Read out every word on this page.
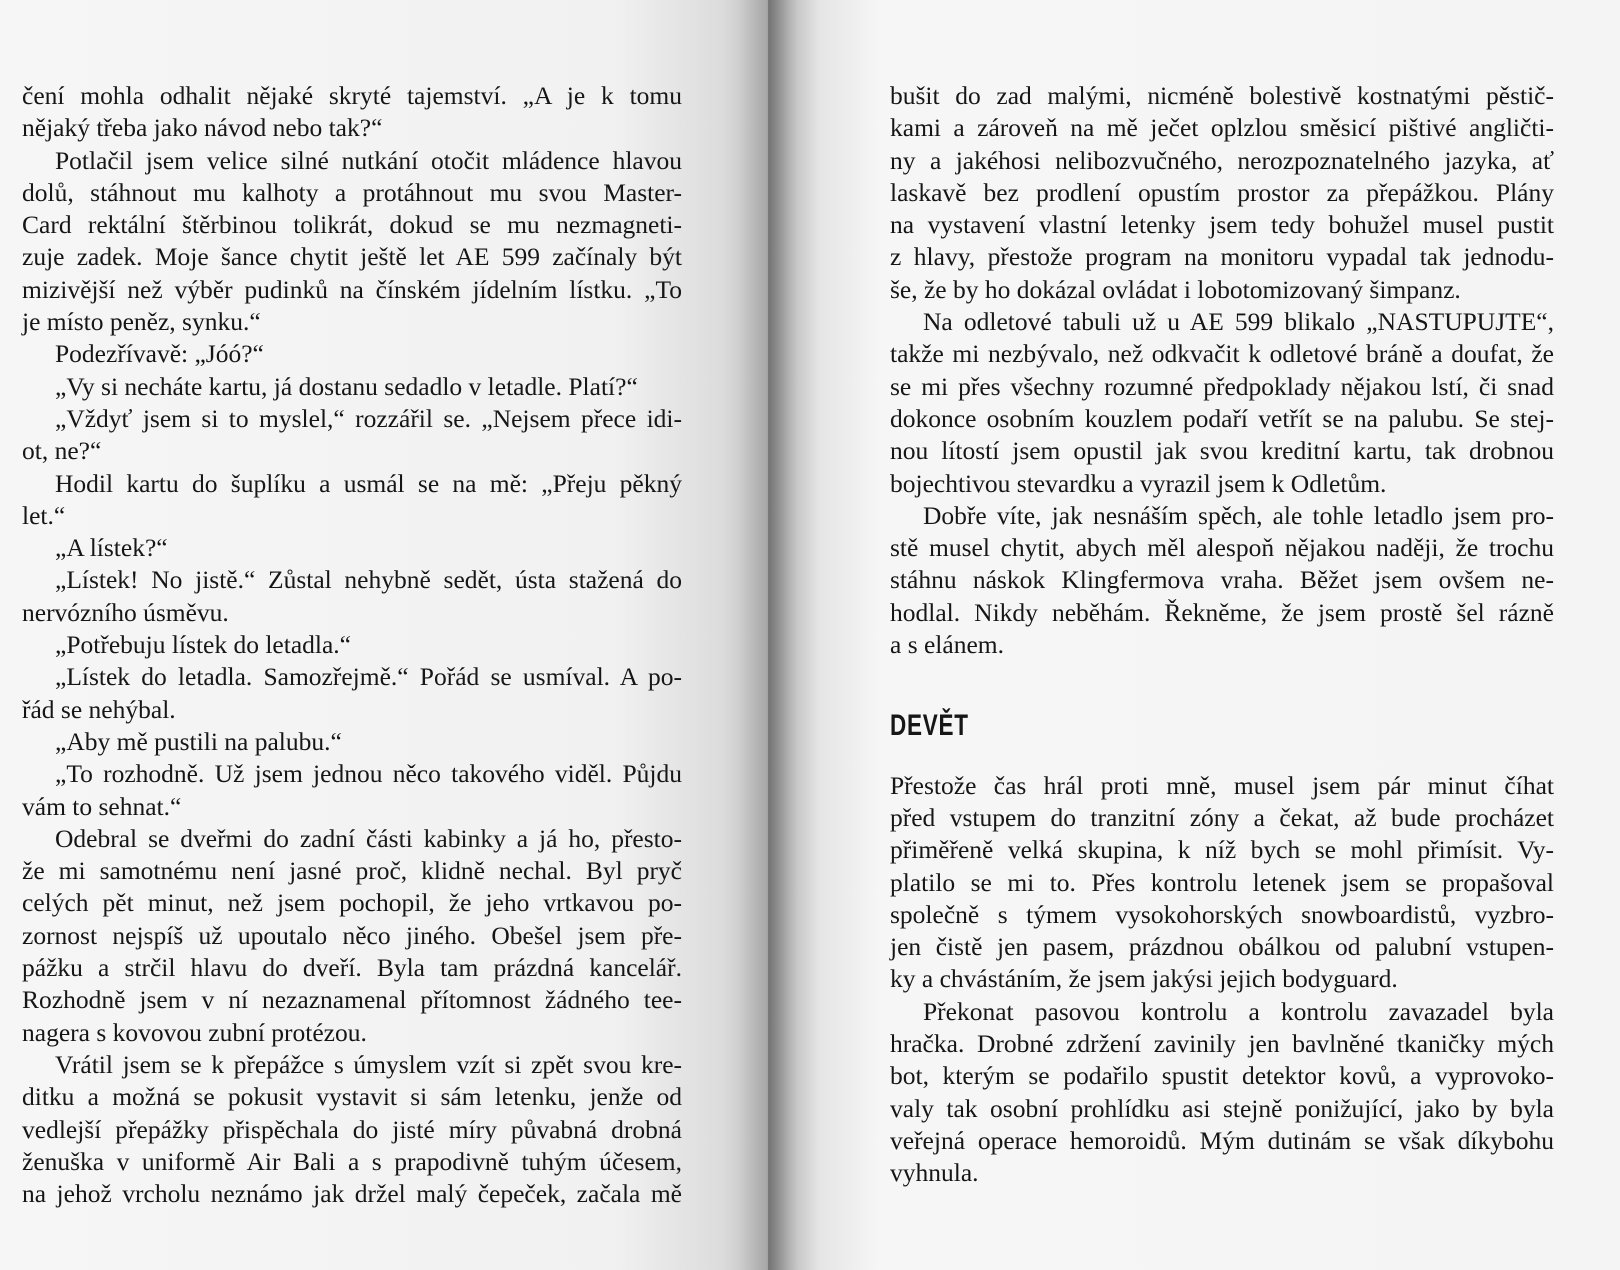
čení mohla odhalit nějaké skryté tajemství. „A je k tomu
nějaký třeba jako návod nebo tak?“
Potlačil jsem velice silné nutkání otočit mládence hlavou
dolů, stáhnout mu kalhoty a protáhnout mu svou Master-
Card rektální štěrbinou tolikrát, dokud se mu nezmagneti-
zuje zadek. Moje šance chytit ještě let AE 599 začínaly být
mizivější než výběr pudinků na čínském jídelním lístku. „To
je místo peněz, synku.“
Podezřívavě: „Jóó?“
„Vy si necháte kartu, já dostanu sedadlo v letadle. Platí?“
„Vždyť jsem si to myslel,“ rozzářil se. „Nejsem přece idi-
ot, ne?“
Hodil kartu do šuplíku a usmál se na mě: „Přeju pěkný
let.“
„A lístek?“
„Lístek! No jistě.“ Zůstal nehybně sedět, ústa stažená do
nervózního úsměvu.
„Potřebuju lístek do letadla.“
„Lístek do letadla. Samozřejmě.“ Pořád se usmíval. A po-
řád se nehýbal.
„Aby mě pustili na palubu.“
„To rozhodně. Už jsem jednou něco takového viděl. Půjdu
vám to sehnat.“
Odebral se dveřmi do zadní části kabinky a já ho, přesto-
že mi samotnému není jasné proč, klidně nechal. Byl pryč
celých pět minut, než jsem pochopil, že jeho vrtkavou po-
zornost nejspíš už upoutalo něco jiného. Obešel jsem pře-
pážku a strčil hlavu do dveří. Byla tam prázdná kancelář.
Rozhodně jsem v ní nezaznamenal přítomnost žádného tee-
nagera s kovovou zubní protézou.
Vrátil jsem se k přepážce s úmyslem vzít si zpět svou kre-
ditku a možná se pokusit vystavit si sám letenku, jenže od
vedlejší přepážky přispěchala do jisté míry půvabná drobná
ženuška v uniformě Air Bali a s prapodivně tuhým účesem,
na jehož vrcholu neznámo jak držel malý čepeček, začala mě
bušit do zad malými, nicméně bolestivě kostnatými pěstič-
kami a zároveň na mě ječet oplzlou směsicí pištivé angličti-
ny a jakéhosi nelibozvučného, nerozpoznatelného jazyka, ať
laskavě bez prodlení opustím prostor za přepážkou. Plány
na vystavení vlastní letenky jsem tedy bohužel musel pustit
z hlavy, přestože program na monitoru vypadal tak jednodu-
še, že by ho dokázal ovládat i lobotomizovaný šimpanz.
Na odletové tabuli už u AE 599 blikalo „NASTUPUJTE“,
takže mi nezbývalo, než odkvačit k odletové bráně a doufat, že
se mi přes všechny rozumné předpoklady nějakou lstí, či snad
dokonce osobním kouzlem podaří vetřít se na palubu. Se stej-
nou lítostí jsem opustil jak svou kreditní kartu, tak drobnou
bojechtivou stevardku a vyrazil jsem k Odletům.
Dobře víte, jak nesnáším spěch, ale tohle letadlo jsem pro-
stě musel chytit, abych měl alespoň nějakou naději, že trochu
stáhnu náskok Klingfermova vraha. Běžet jsem ovšem ne-
hodlal. Nikdy neběhám. Řekněme, že jsem prostě šel rázně
a s elánem.
DEVĚT
Přestože čas hrál proti mně, musel jsem pár minut číhat
před vstupem do tranzitní zóny a čekat, až bude procházet
přiměřeně velká skupina, k níž bych se mohl přimísit. Vy-
platilo se mi to. Přes kontrolu letenek jsem se propašoval
společně s týmem vysokohorských snowboardistů, vyzbro-
jen čistě jen pasem, prázdnou obálkou od palubní vstupen-
ky a chvástáním, že jsem jakýsi jejich bodyguard.
Překonat pasovou kontrolu a kontrolu zavazadel byla
hračka. Drobné zdržení zavinily jen bavlněné tkaničky mých
bot, kterým se podařilo spustit detektor kovů, a vyprovoko-
valy tak osobní prohlídku asi stejně ponižující, jako by byla
veřejná operace hemoroidů. Mým dutinám se však díkybohu
vyhnula.
